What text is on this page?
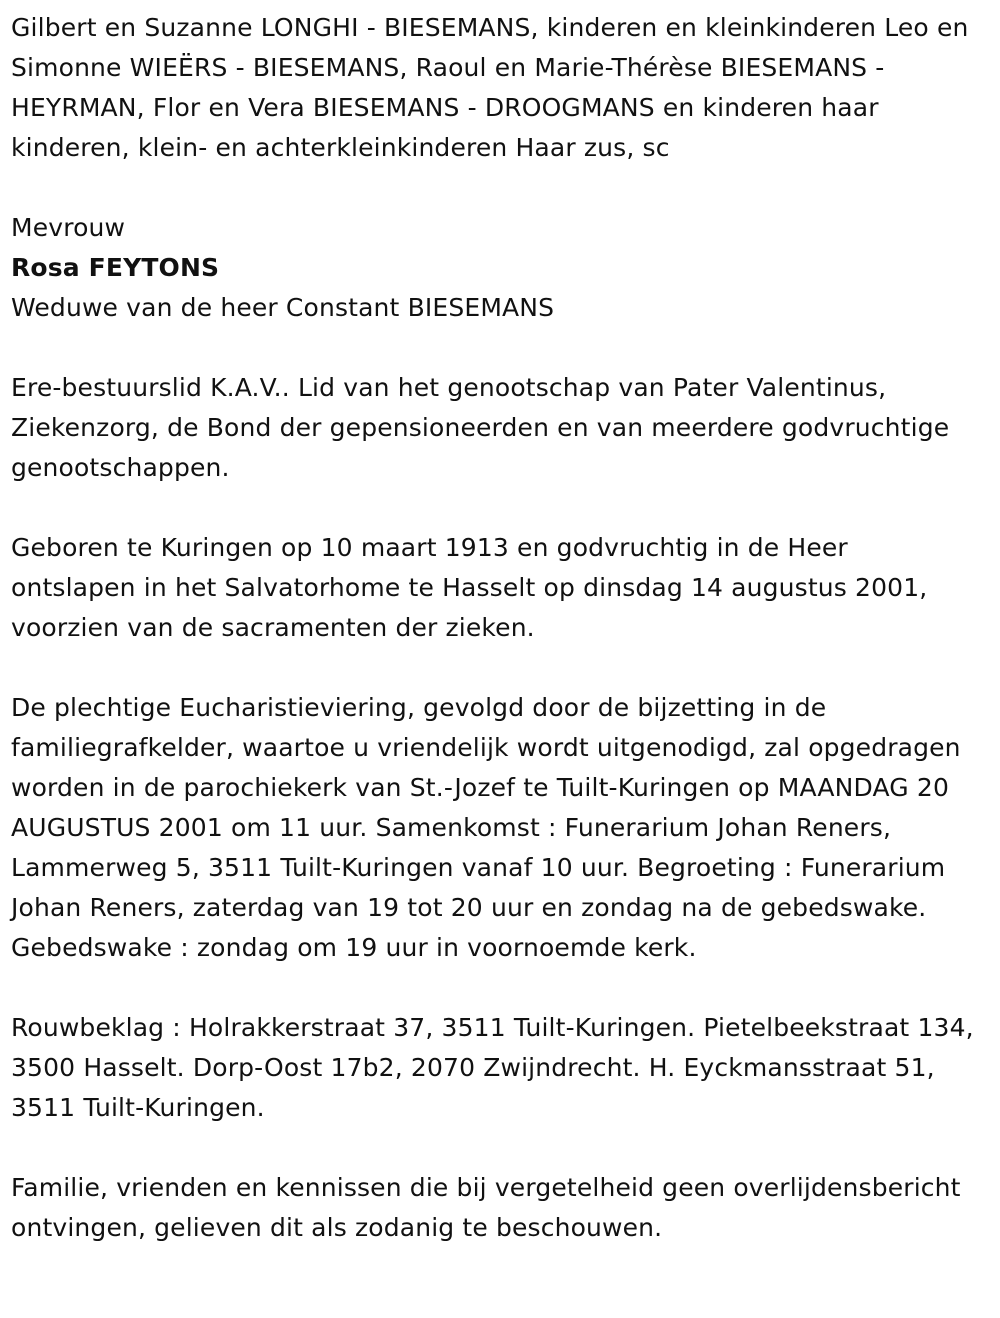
Gilbert en Suzanne LONGHI - BIESEMANS, kinderen en kleinkinderen Leo en Simonne WIEËRS - BIESEMANS, Raoul en Marie-Thérèse BIESEMANS - HEYRMAN, Flor en Vera BIESEMANS - DROOGMANS en kinderen haar kinderen, klein- en achterkleinkinderen Haar zus, sc

Mevrouw

Rosa FEYTONS

Weduwe van de heer Constant BIESEMANS

Ere-bestuurslid K.A.V.. Lid van het genootschap van Pater Valentinus, Ziekenzorg, de Bond der gepensioneerden en van meerdere godvruchtige genootschappen.

Geboren te Kuringen op 10 maart 1913 en godvruchtig in de Heer ontslapen in het Salvatorhome te Hasselt op dinsdag 14 augustus 2001, voorzien van de sacramenten der zieken.

De plechtige Eucharistieviering, gevolgd door de bijzetting in de familiegrafkelder, waartoe u vriendelijk wordt uitgenodigd, zal opgedragen worden in de parochiekerk van St.-Jozef te Tuilt-Kuringen op MAANDAG 20 AUGUSTUS 2001 om 11 uur. Samenkomst : Funerarium Johan Reners, Lammerweg 5, 3511 Tuilt-Kuringen vanaf 10 uur. Begroeting : Funerarium Johan Reners, zaterdag van 19 tot 20 uur en zondag na de gebedswake. Gebedswake : zondag om 19 uur in voornoemde kerk.

Rouwbeklag : Holrakkerstraat 37, 3511 Tuilt-Kuringen. Pietelbeekstraat 134, 3500 Hasselt. Dorp-Oost 17b2, 2070 Zwijndrecht. H. Eyckmansstraat 51, 3511 Tuilt-Kuringen.

Familie, vrienden en kennissen die bij vergetelheid geen overlijdensbericht ontvingen, gelieven dit als zodanig te beschouwen.
